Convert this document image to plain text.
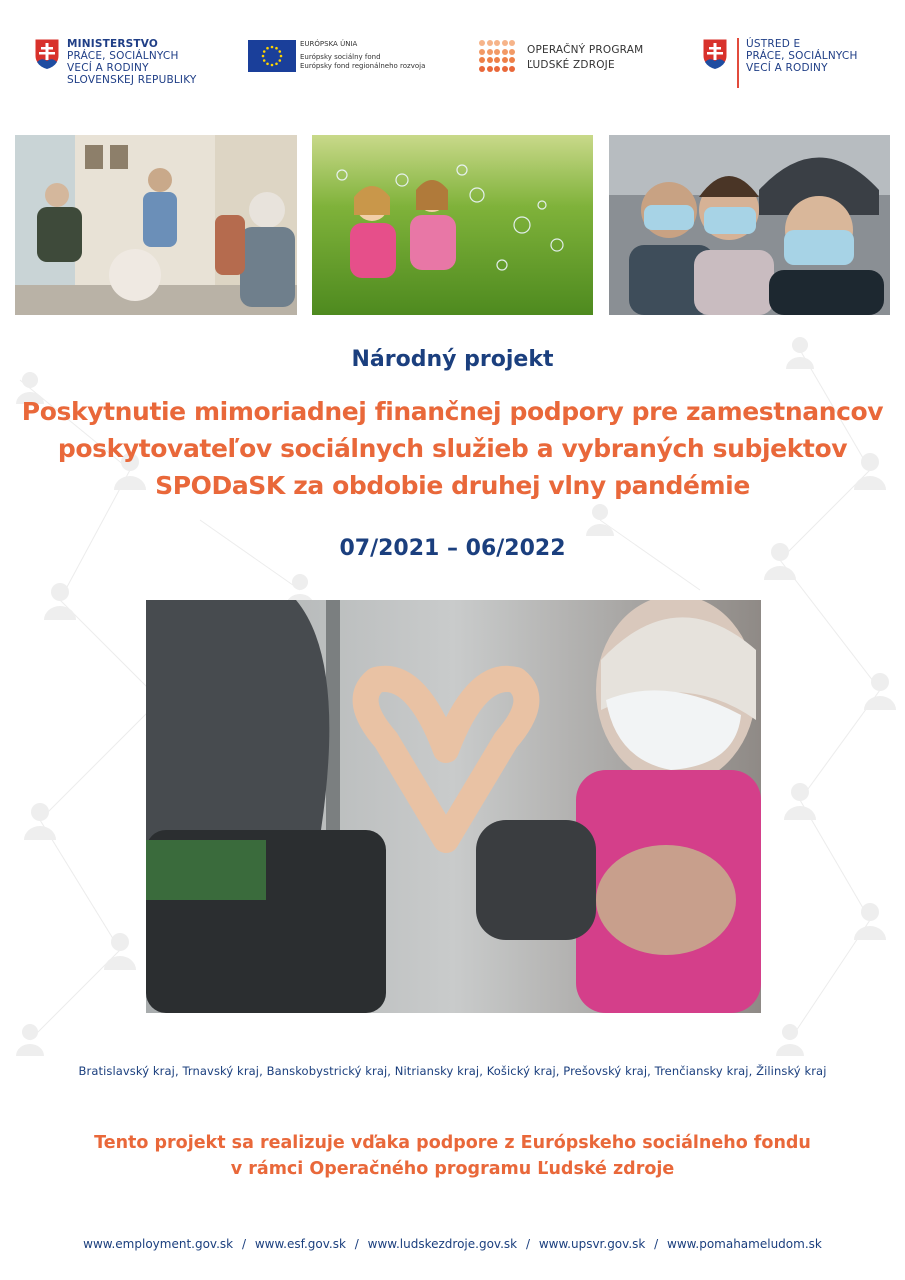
MINISTERSTVO
PRÁCE, SOCIÁLNYCH
VECÍ A RODINY
SLOVENSKEJ REPUBLIKY
EURÓPSKA ÚNIA
Európsky sociálny fond
Európsky fond regionálneho rozvoja
OPERAČNÝ PROGRAM
ĽUDSKÉ ZDROJE
ÚSTRED E
PRÁCE, SOCIÁLNYCH
VECÍ A RODINY
Národný projekt
Poskytnutie mimoriadnej finančnej podpory pre zamestnancov
poskytovateľov sociálnych služieb a vybraných subjektov
SPODaSK za obdobie druhej vlny pandémie
07/2021 – 06/2022
Bratislavský kraj, Trnavský kraj, Banskobystrický kraj, Nitriansky kraj, Košický kraj, Prešovský kraj, Trenčiansky kraj, Žilinský kraj
Tento projekt sa realizuje vďaka podpore z Európskeho sociálneho fondu
v rámci Operačného programu Ľudské zdroje
www.employment.gov.sk / www.esf.gov.sk / www.ludskezdroje.gov.sk / www.upsvr.gov.sk / www.pomahameludom.sk
